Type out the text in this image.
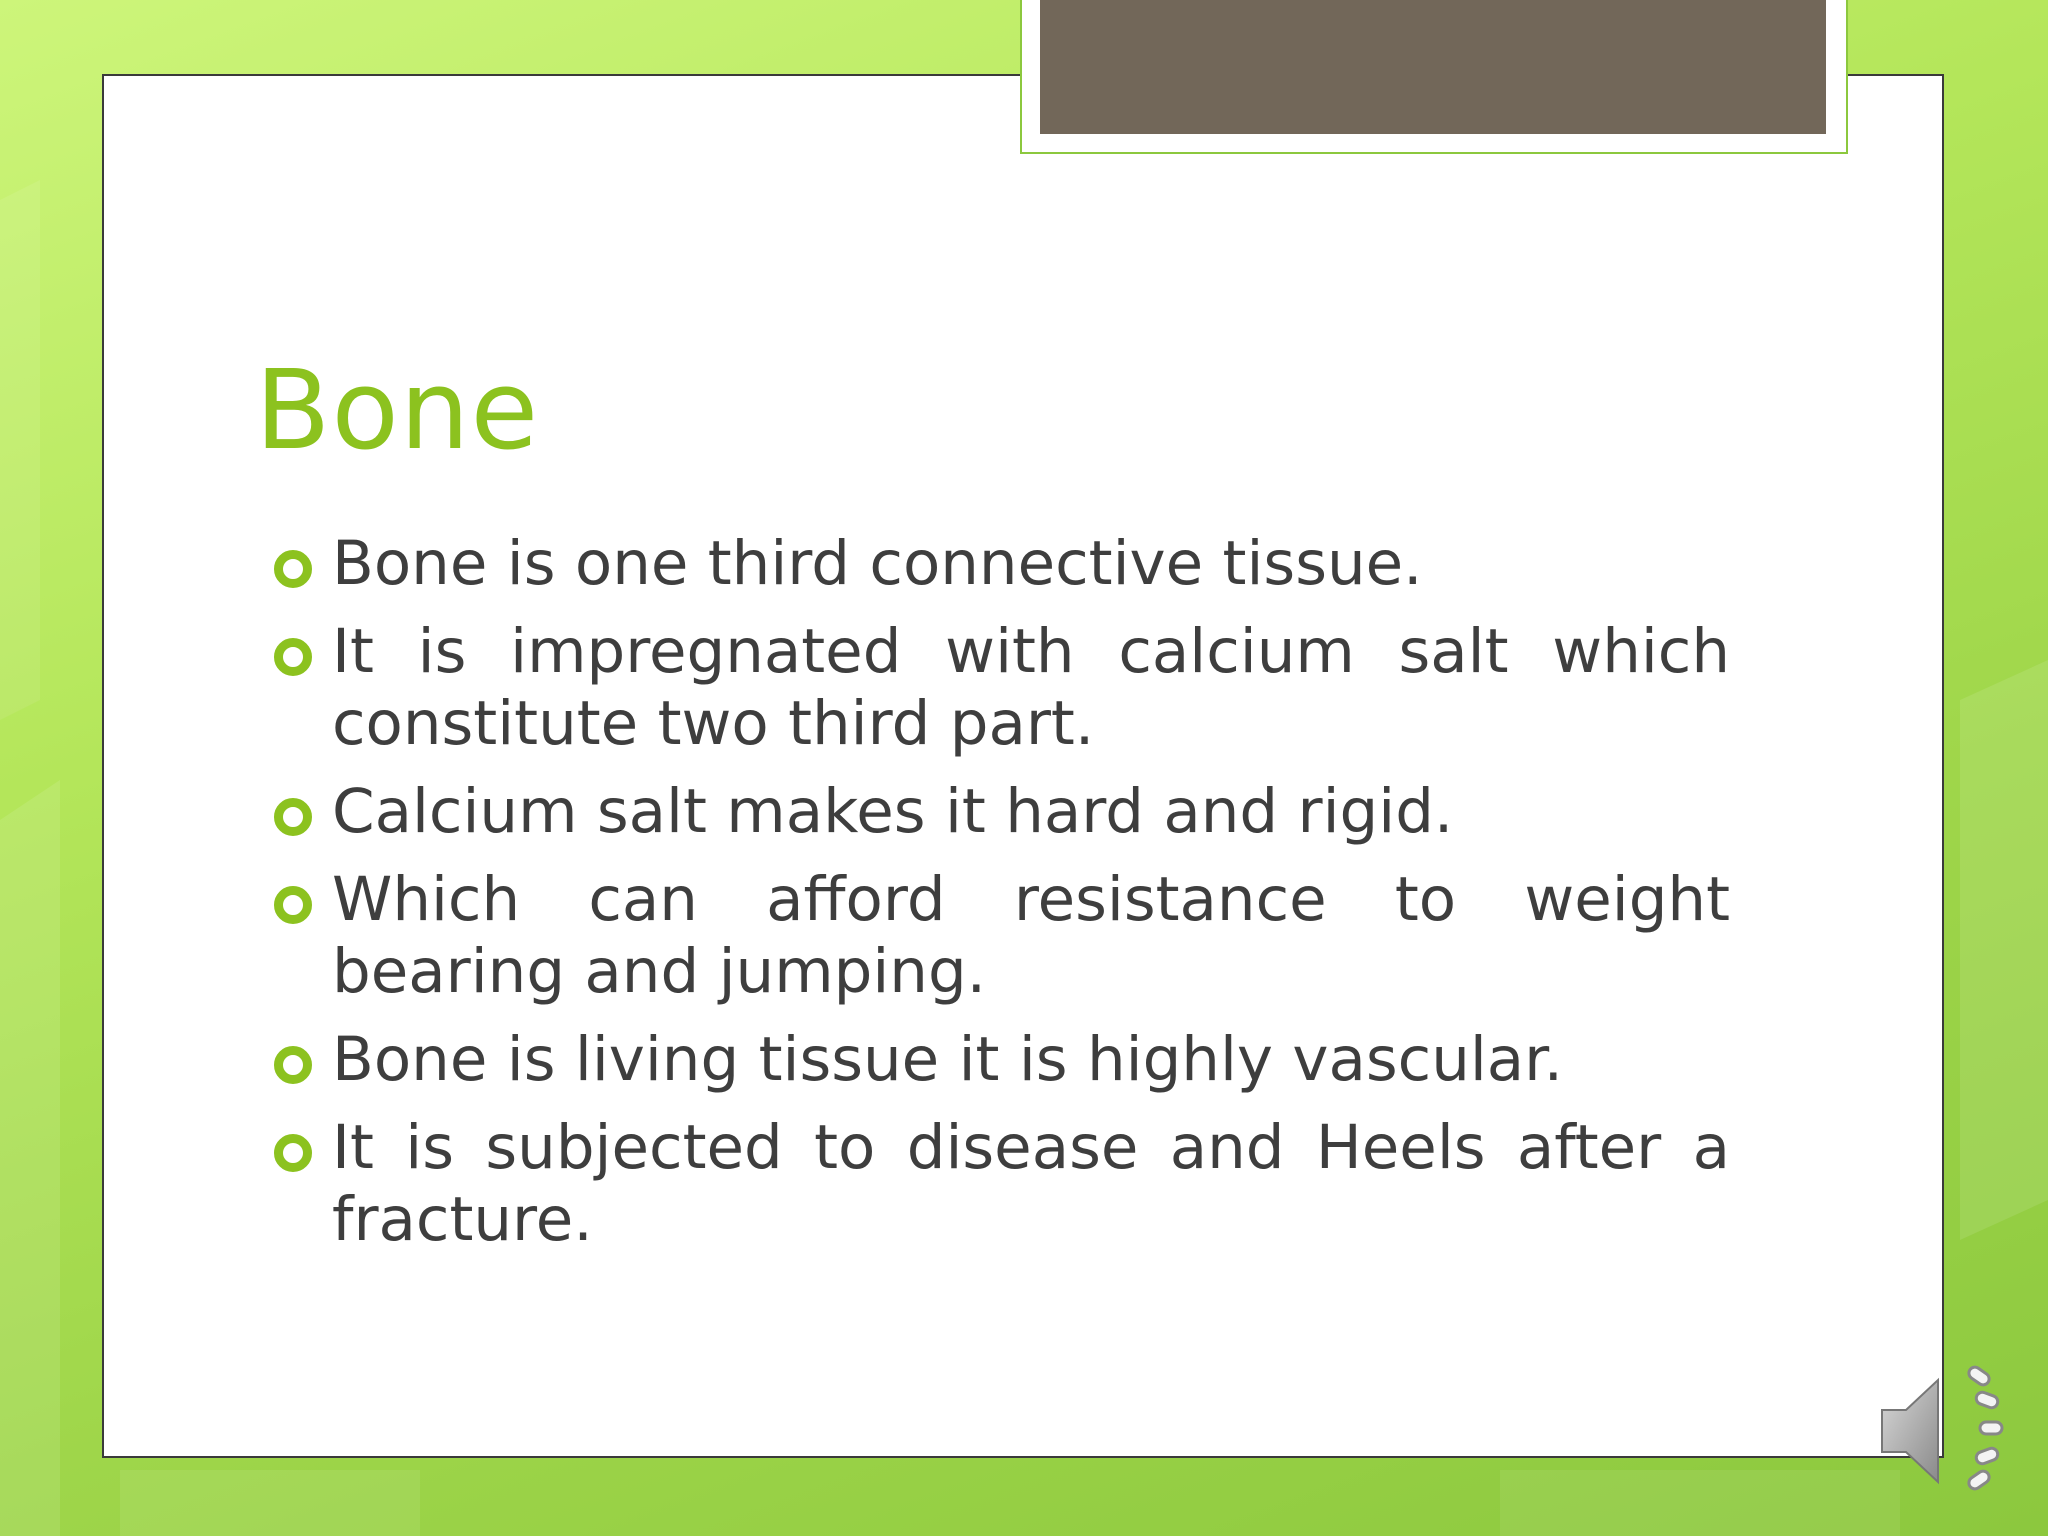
Bone
Bone is one third connective tissue.
It is impregnated with calcium salt which constitute two third part.
Calcium salt makes it hard and rigid.
Which can afford resistance to weight bearing and jumping.
Bone is living tissue it is highly vascular.
It is subjected to disease and Heels after a fracture.
